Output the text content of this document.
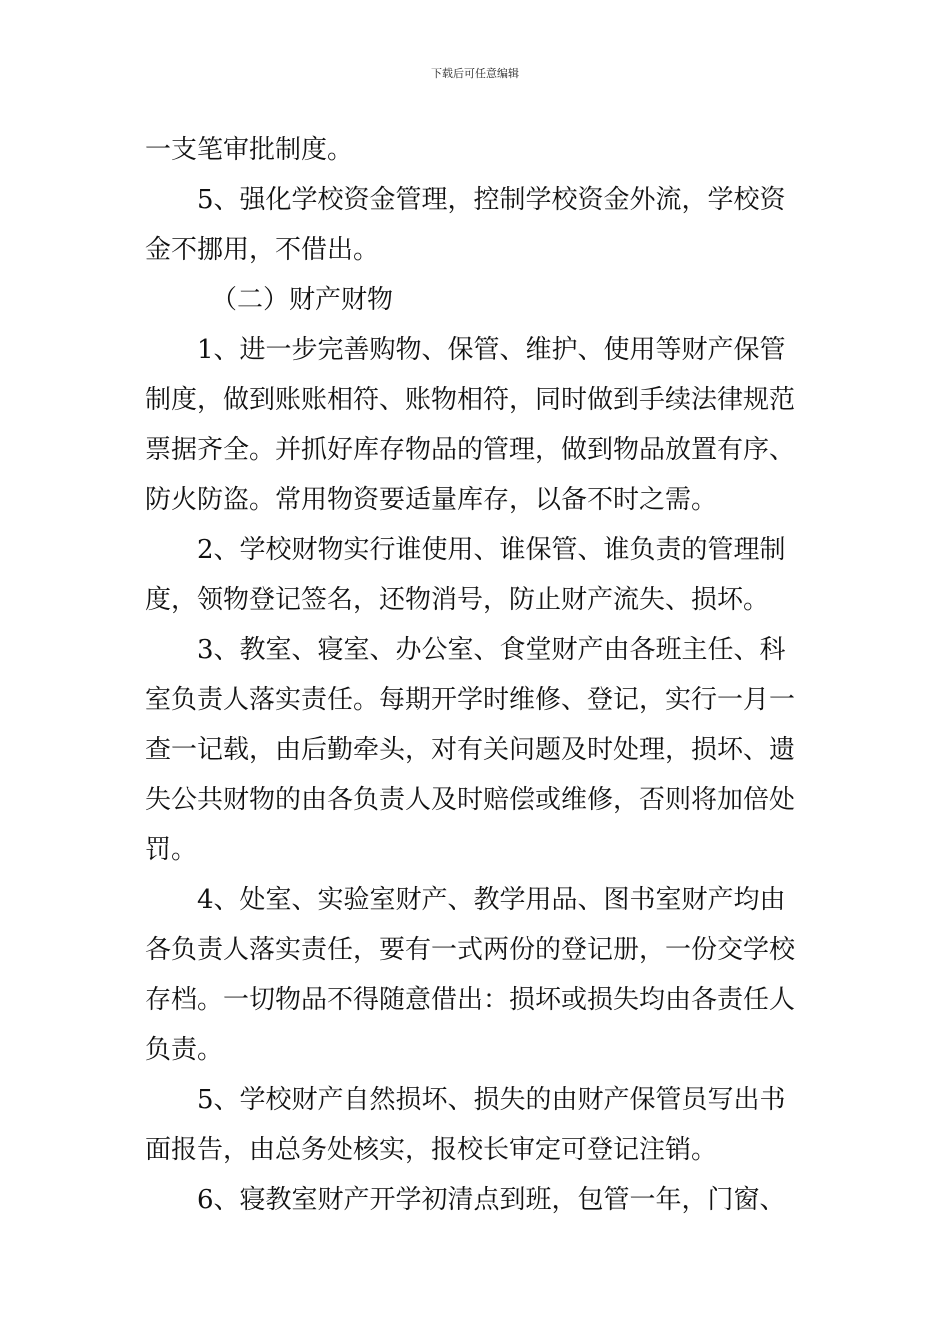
下载后可任意编辑
一支笔审批制度。
5、强化学校资金管理，控制学校资金外流，学校资
金不挪用，不借出。
（二）财产财物
1、进一步完善购物、保管、维护、使用等财产保管
制度，做到账账相符、账物相符，同时做到手续法律规范
票据齐全。并抓好库存物品的管理，做到物品放置有序、
防火防盗。常用物资要适量库存，以备不时之需。
2、学校财物实行谁使用、谁保管、谁负责的管理制
度，领物登记签名，还物消号，防止财产流失、损坏。
3、教室、寝室、办公室、食堂财产由各班主任、科
室负责人落实责任。每期开学时维修、登记，实行一月一
查一记载，由后勤牵头，对有关问题及时处理，损坏、遗
失公共财物的由各负责人及时赔偿或维修，否则将加倍处
罚。
4、处室、实验室财产、教学用品、图书室财产均由
各负责人落实责任，要有一式两份的登记册，一份交学校
存档。一切物品不得随意借出：损坏或损失均由各责任人
负责。
5、学校财产自然损坏、损失的由财产保管员写出书
面报告，由总务处核实，报校长审定可登记注销。
6、寝教室财产开学初清点到班，包管一年，门窗、
